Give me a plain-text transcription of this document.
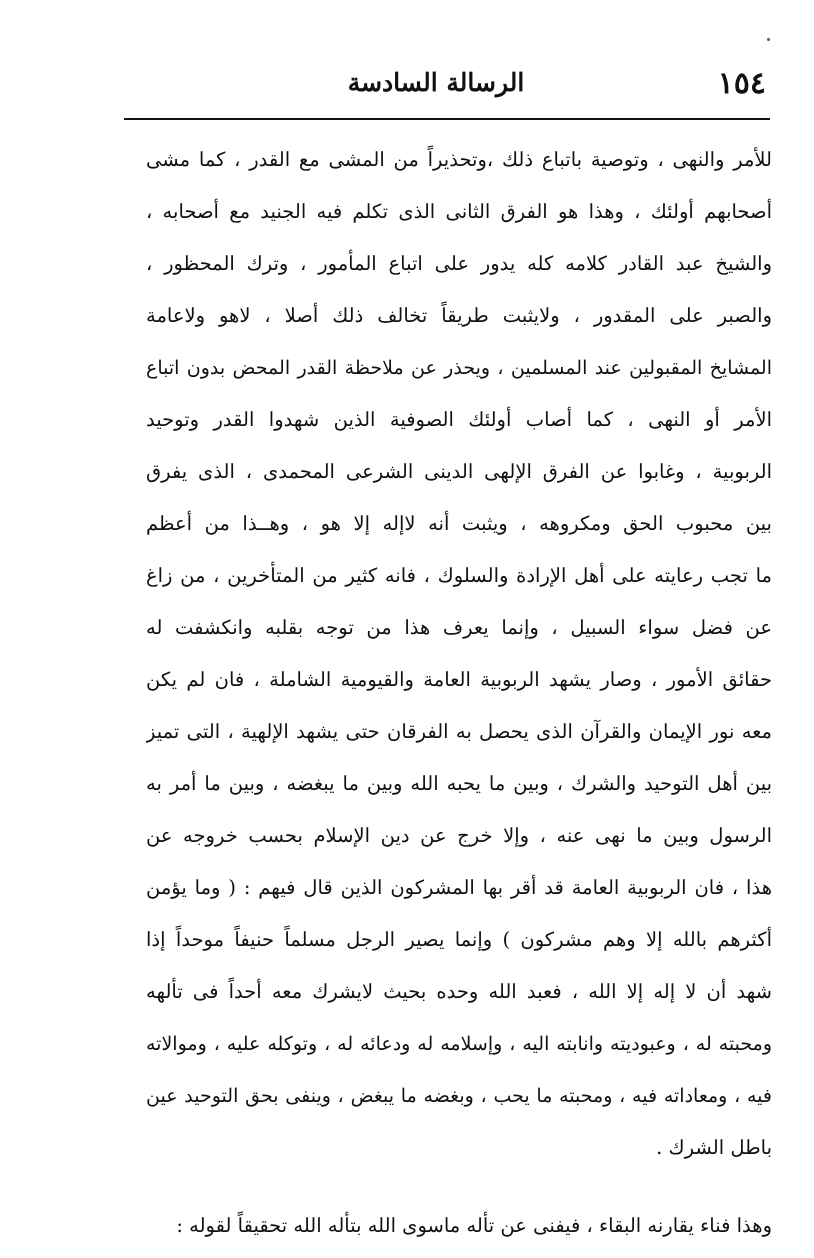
١٥٤
الرسالة السادسة
للأمر والنهى ، وتوصية باتباع ذلك ،وتحذيراً من المشى مع القدر ، كما مشى
أصحابهم أولئك ، وهذا هو الفرق الثانى الذى تكلم فيه الجنيد مع أصحابه ،
والشيخ عبد القادر كلامه كله يدور على اتباع المأمور ، وترك المحظور ،
والصبر على المقدور ، ولايثبت طريقاً تخالف ذلك أصلا ، لاهو ولاعامة
المشايخ المقبولين عند المسلمين ، ويحذر عن ملاحظة القدر المحض بدون اتباع
الأمر أو النهى ، كما أصاب أولئك الصوفية الذين شهدوا القدر وتوحيد
الربوبية ، وغابوا عن الفرق الإلهى الدينى الشرعى المحمدى ، الذى يفرق
بين محبوب الحق ومكروهه ، ويثبت أنه لاإله إلا هو ، وهــذا من أعظم
ما تجب رعايته على أهل الإرادة والسلوك ، فانه كثير من المتأخرين ، من زاغ
عن فضل سواء السبيل ، وإنما يعرف هذا من توجه بقلبه وانكشفت له
حقائق الأمور ، وصار يشهد الربوبية العامة والقيومية الشاملة ، فان لم يكن
معه نور الإيمان والقرآن الذى يحصل به الفرقان حتى يشهد الإلهية ، التى تميز
بين أهل التوحيد والشرك ، وبين ما يحبه الله وبين ما يبغضه ، وبين ما أمر به
الرسول وبين ما نهى عنه ، وإلا خرج عن دين الإسلام بحسب خروجه عن
هذا ، فان الربوبية العامة قد أقر بها المشركون الذين قال فيهم : ( وما يؤمن
أكثرهم بالله إلا وهم مشركون ) وإنما يصير الرجل مسلماً حنيفاً موحداً إذا
شهد أن لا إله إلا الله ، فعبد الله وحده بحيث لايشرك معه أحداً فى تألهه
ومحبته له ، وعبوديته وانابته اليه ، وإسلامه له ودعائه له ، وتوكله عليه ، وموالاته
فيه ، ومعاداته فيه ، ومحبته ما يحب ، وبغضه ما يبغض ، وينفى بحق التوحيد عين
باطل الشرك .
وهذا فناء يقارنه البقاء ، فيفنى عن تأله ماسوى الله بتأله الله تحقيقاً لقوله :
